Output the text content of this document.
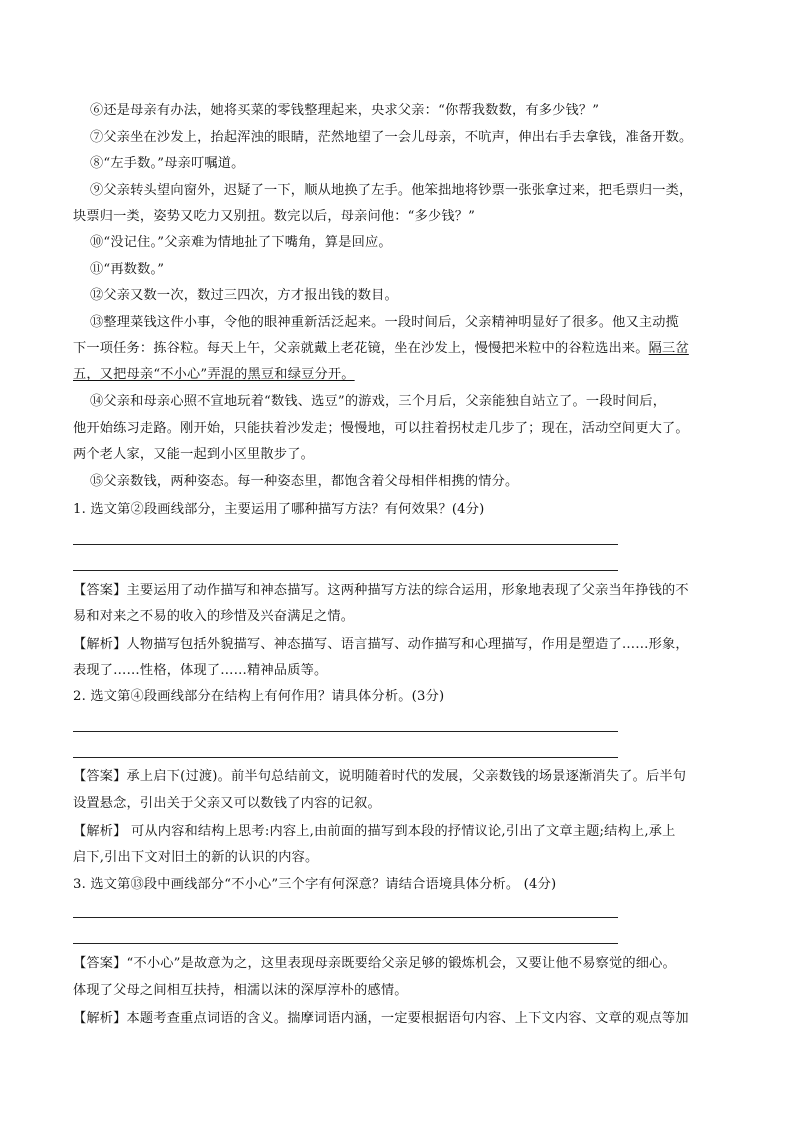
⑥还是母亲有办法，她将买菜的零钱整理起来，央求父亲：“你帮我数数，有多少钱？”
⑦父亲坐在沙发上，抬起浑浊的眼睛，茫然地望了一会儿母亲，不吭声，伸出右手去拿钱，准备开数。
⑧“左手数。”母亲叮嘱道。
⑨父亲转头望向窗外，迟疑了一下，顺从地换了左手。他笨拙地将钞票一张张拿过来，把毛票归一类，
块票归一类，姿势又吃力又别扭。数完以后，母亲问他：“多少钱？”
⑩“没记住。”父亲难为情地扯了下嘴角，算是回应。
⑪“再数数。”
⑫父亲又数一次，数过三四次，方才报出钱的数目。
⑬整理菜钱这件小事，令他的眼神重新活泛起来。一段时间后，父亲精神明显好了很多。他又主动揽
下一项任务：拣谷粒。每天上午，父亲就戴上老花镜，坐在沙发上，慢慢把米粒中的谷粒选出来。隔三岔
五，又把母亲“不小心”弄混的黑豆和绿豆分开。
⑭父亲和母亲心照不宣地玩着“数钱、选豆”的游戏，三个月后，父亲能独自站立了。一段时间后，
他开始练习走路。刚开始，只能扶着沙发走；慢慢地，可以拄着拐杖走几步了；现在，活动空间更大了。
两个老人家，又能一起到小区里散步了。
⑮父亲数钱，两种姿态。每一种姿态里，都饱含着父母相伴相携的情分。
1. 选文第②段画线部分，主要运用了哪种描写方法？有何效果？(4分)
【答案】主要运用了动作描写和神态描写。这两种描写方法的综合运用，形象地表现了父亲当年挣钱的不
易和对来之不易的收入的珍惜及兴奋满足之情。
【解析】人物描写包括外貌描写、神态描写、语言描写、动作描写和心理描写，作用是塑造了……形象，
表现了……性格，体现了……精神品质等。
2. 选文第④段画线部分在结构上有何作用？请具体分析。(3分)
【答案】承上启下(过渡)。前半句总结前文，说明随着时代的发展，父亲数钱的场景逐渐消失了。后半句
设置悬念，引出关于父亲又可以数钱了内容的记叙。
【解析】 可从内容和结构上思考:内容上,由前面的描写到本段的抒情议论,引出了文章主题;结构上,承上
启下,引出下文对旧土的新的认识的内容。
3. 选文第⑬段中画线部分“不小心”三个字有何深意？请结合语境具体分析。 (4分)
【答案】“不小心”是故意为之，这里表现母亲既要给父亲足够的锻炼机会，又要让他不易察觉的细心。
体现了父母之间相互扶持，相濡以沫的深厚淳朴的感情。
【解析】本题考查重点词语的含义。揣摩词语内涵，一定要根据语句内容、上下文内容、文章的观点等加
